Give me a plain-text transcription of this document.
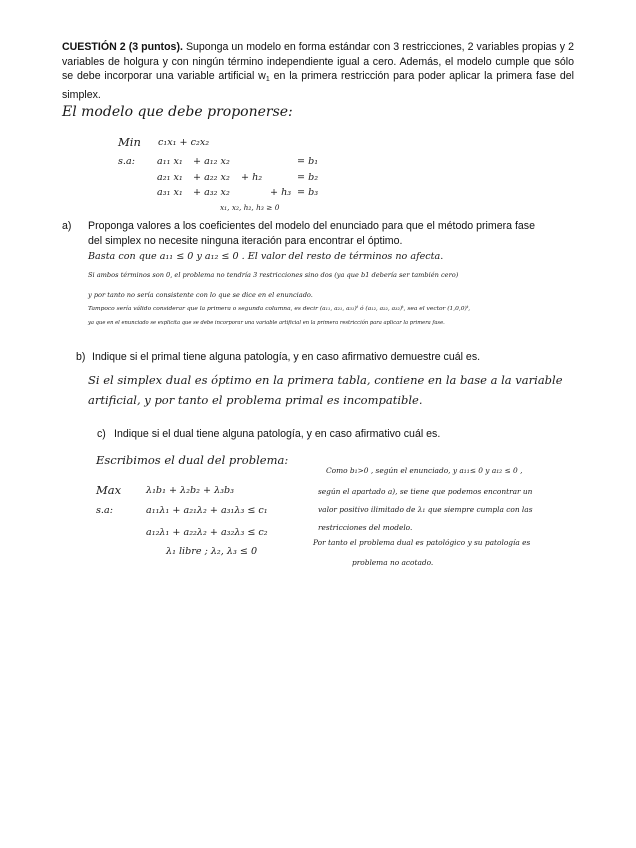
CUESTIÓN 2 (3 puntos). Suponga un modelo en forma estándar con 3 restricciones, 2 variables propias y 2 variables de holgura y con ningún término independiente igual a cero. Además, el modelo cumple que sólo se debe incorporar una variable artificial $w_1$ en la primera restricción para poder aplicar la primera fase del simplex.
El modelo que debe proponerse:
Min c₁x₁ + c₂x₂
s.a: a₁₁ x₁ + a₁₂ x₂	= b₁
a₂₁ x₁ + a₂₂ x₂ + h₂	= b₂
a₃₁ x₁ + a₃₂ x₂	+ h₃ = b₃
x₁, x₂, h₂, h₃ ≥ 0
a) Proponga valores a los coeficientes del modelo del enunciado para que el método primera fase
del simplex no necesite ninguna iteración para encontrar el óptimo.
Basta con que a₁₁ ≤ 0 y a₁₂ ≤ 0 . El valor del resto de términos no afecta.
Si ambos términos son 0, el problema no tendría 3 restricciones sino dos (ya que b1 debería ser también cero)
y por tanto no sería consistente con lo que se dice en el enunciado.
Tampoco sería válido considerar que la primera o segunda columna, es decir (a₁₁, a₂₁, a₃₁)ᵗ ó (a₁₂, a₂₂, a₃₂)ᵗ, sea el vector (1,0,0)ᵗ,
ya que en el enunciado se explicita que se debe incorporar una variable artificial en la primera restricción para aplicar la primera fase.
b) Indique si el primal tiene alguna patología, y en caso afirmativo demuestre cuál es.
Si el simplex dual es óptimo en la primera tabla, contiene en la base a la variable
artificial, y por tanto el problema primal es incompatible.
c) Indique si el dual tiene alguna patología, y en caso afirmativo cuál es.
Escribimos el dual del problema:
Max	λ₁b₁ + λ₂b₂ + λ₃b₃
s.a:	a₁₁λ₁ + a₂₁λ₂ + a₃₁λ₃ ≤ c₁
a₁₂λ₁ + a₂₂λ₂ + a₃₂λ₃ ≤ c₂
λ₁ libre ; λ₂, λ₃ ≤ 0
Como b₁>0 , según el enunciado, y a₁₁≤ 0 y a₁₂ ≤ 0 ,
según el apartado a), se tiene que podemos encontrar un
valor positivo ilimitado de λ₁ que siempre cumpla con las
restricciones del modelo.
Por tanto el problema dual es patológico y su patología es
problema no acotado.
